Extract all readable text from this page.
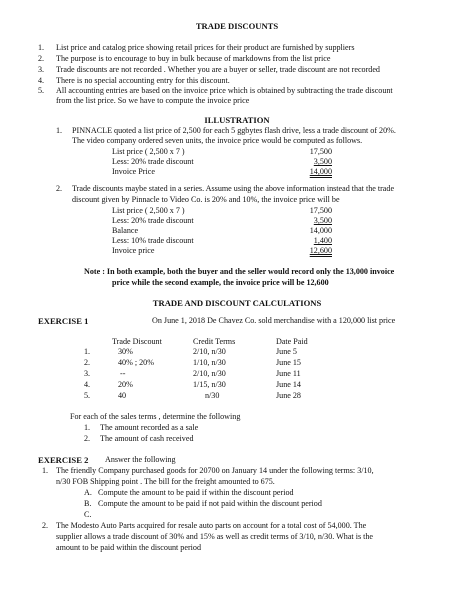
TRADE DISCOUNTS
1. List price and catalog price showing retail prices for their product are furnished by suppliers
2. The purpose is to encourage to buy in bulk because of markdowns from the list price
3. Trade discounts are not recorded . Whether you are a buyer or seller, trade discount are not recorded
4. There is no special accounting entry for this discount.
5. All accounting entries are based on the invoice price which is obtained by subtracting the trade discount
from the list price. So we have to compute the invoice price
ILLUSTRATION
1. PINNACLE quoted a list price of 2,500 for each 5 ggbytes flash drive, less a trade discount of 20%.
The video company ordered seven units, the invoice price would be computed as follows.
List price ( 2,500 x 7 )	17,500
Less: 20% trade discount	3,500
Invoice Price	14,000
2. Trade discounts maybe stated in a series. Assume using the above information instead that the trade
discount given by Pinnacle to Video Co. is 20% and 10%, the invoice price will be
List price ( 2,500 x 7 )	17,500
Less: 20% trade discount	3,500
Balance	14,000
Less: 10% trade discount	1,400
Invoice price	12,600
Note : In both example, both the buyer and the seller would record only the 13,000 invoice
price while the second example, the invoice price will be 12,600
TRADE AND DISCOUNT CALCULATIONS
EXERCISE 1	On June 1, 2018 De Chavez Co. sold merchandise with a 120,000 list price
Trade Discount	Credit Terms	Date Paid
1.	30%	2/10, n/30	June 5
2.	40% ; 20%	1/10, n/30	June 15
3.	--	2/10, n/30	June 11
4.	20%	1/15, n/30	June 14
5.	40	n/30	June 28
For each of the sales terms , determine the following
1. The amount recorded as a sale
2. The amount of cash received
EXERCISE 2 Answer the following
1. The friendly Company purchased goods for 20700 on January 14 under the following terms: 3/10,
n/30 FOB Shipping point . The bill for the freight amounted to 675.
A. Compute the amount to be paid if within the discount period
B. Compute the amount to be paid if not paid within the discount period
C.
2. The Modesto Auto Parts acquired for resale auto parts on account for a total cost of 54,000. The
supplier allows a trade discount of 30% and 15% as well as credit terms of 3/10, n/30. What is the
amount to be paid within the discount period
